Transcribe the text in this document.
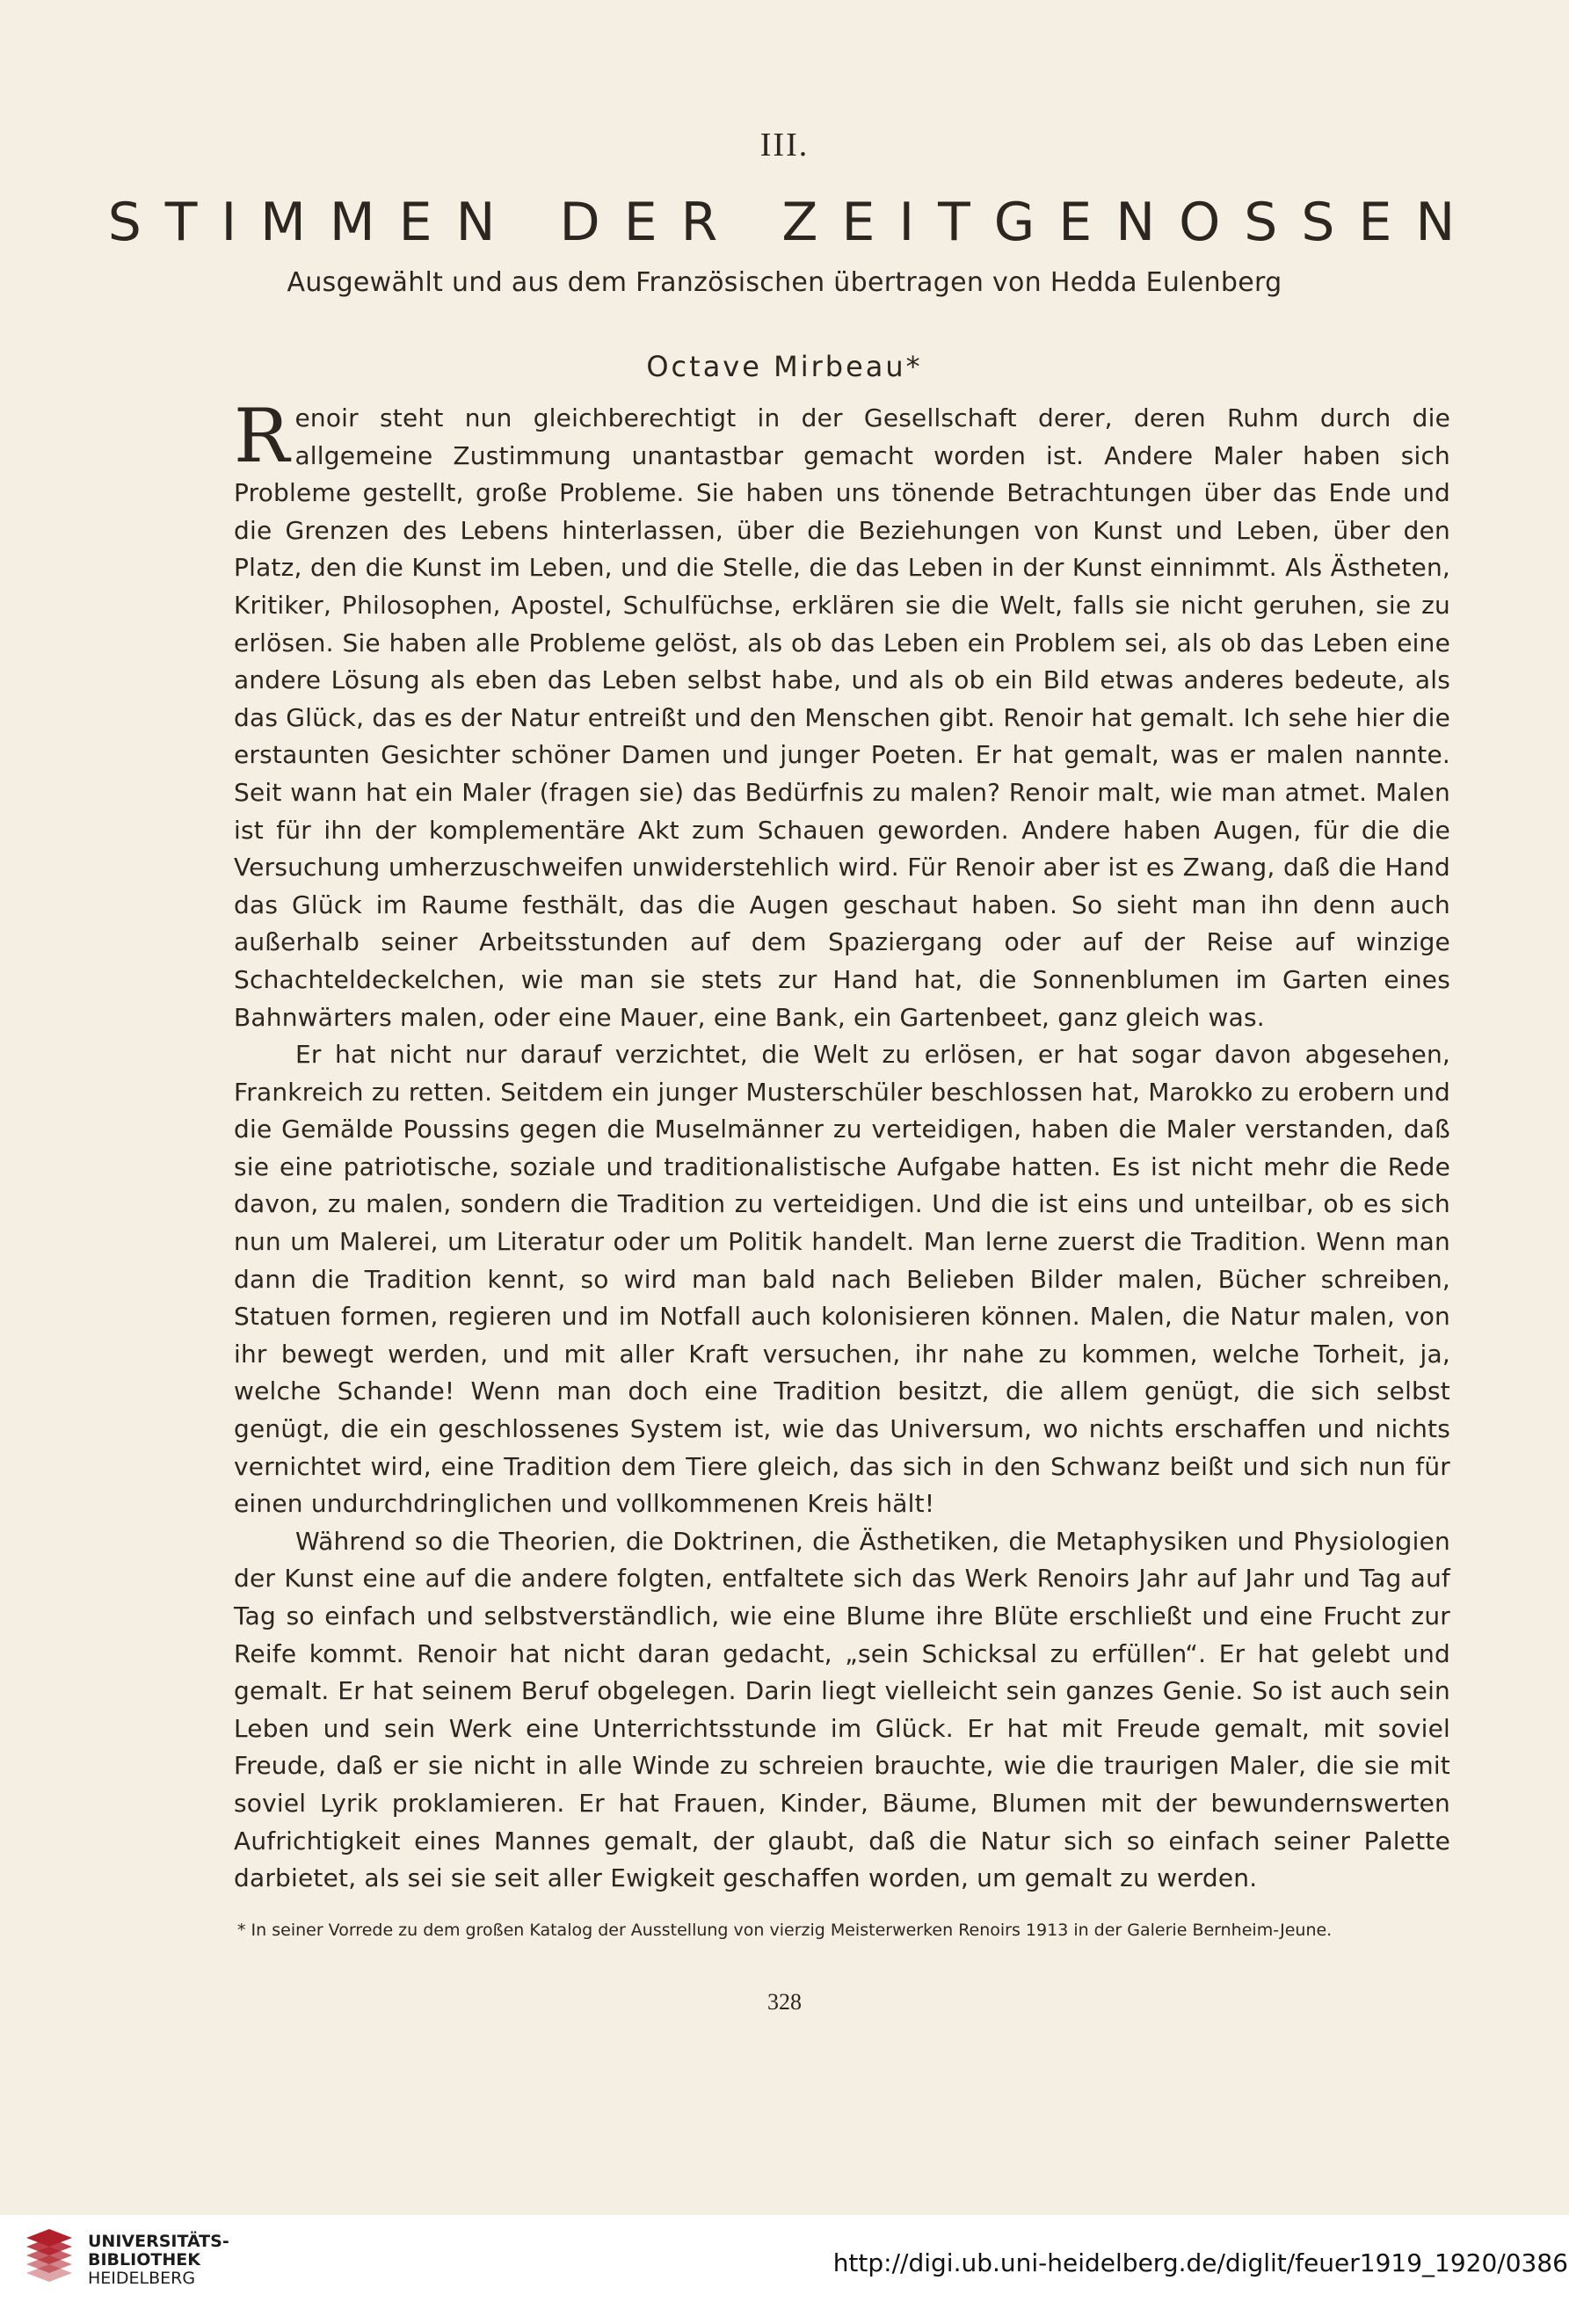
III.
STIMMEN DER ZEITGENOSSEN
Ausgewählt und aus dem Französischen übertragen von Hedda Eulenberg
Octave Mirbeau*

Renoir steht nun gleichberechtigt in der Gesellschaft derer, deren Ruhm durch die allgemeine Zustimmung unantastbar gemacht worden ist. Andere Maler haben sich Probleme gestellt, große Probleme. Sie haben uns tönende Betrachtungen über das Ende und die Grenzen des Lebens hinterlassen, über die Beziehungen von Kunst und Leben, über den Platz, den die Kunst im Leben, und die Stelle, die das Leben in der Kunst einnimmt. Als Ästheten, Kritiker, Philosophen, Apostel, Schulfüchse, erklären sie die Welt, falls sie nicht geruhen, sie zu erlösen. Sie haben alle Probleme gelöst, als ob das Leben ein Problem sei, als ob das Leben eine andere Lösung als eben das Leben selbst habe, und als ob ein Bild etwas anderes bedeute, als das Glück, das es der Natur entreißt und den Menschen gibt. Renoir hat gemalt. Ich sehe hier die erstaunten Gesichter schöner Damen und junger Poeten. Er hat gemalt, was er malen nannte. Seit wann hat ein Maler (fragen sie) das Bedürfnis zu malen? Renoir malt, wie man atmet. Malen ist für ihn der komplementäre Akt zum Schauen geworden. Andere haben Augen, für die die Versuchung umherzuschweifen unwiderstehlich wird. Für Renoir aber ist es Zwang, daß die Hand das Glück im Raume festhält, das die Augen geschaut haben. So sieht man ihn denn auch außerhalb seiner Arbeitsstunden auf dem Spaziergang oder auf der Reise auf winzige Schachteldeckelchen, wie man sie stets zur Hand hat, die Sonnenblumen im Garten eines Bahnwärters malen, oder eine Mauer, eine Bank, ein Gartenbeet, ganz gleich was.

Er hat nicht nur darauf verzichtet, die Welt zu erlösen, er hat sogar davon abgesehen, Frankreich zu retten. Seitdem ein junger Musterschüler beschlossen hat, Marokko zu erobern und die Gemälde Poussins gegen die Muselmänner zu verteidigen, haben die Maler verstanden, daß sie eine patriotische, soziale und traditionalistische Aufgabe hatten. Es ist nicht mehr die Rede davon, zu malen, sondern die Tradition zu verteidigen. Und die ist eins und unteilbar, ob es sich nun um Malerei, um Literatur oder um Politik handelt. Man lerne zuerst die Tradition. Wenn man dann die Tradition kennt, so wird man bald nach Belieben Bilder malen, Bücher schreiben, Statuen formen, regieren und im Notfall auch kolonisieren können. Malen, die Natur malen, von ihr bewegt werden, und mit aller Kraft versuchen, ihr nahe zu kommen, welche Torheit, ja, welche Schande! Wenn man doch eine Tradition besitzt, die allem genügt, die sich selbst genügt, die ein geschlossenes System ist, wie das Universum, wo nichts erschaffen und nichts vernichtet wird, eine Tradition dem Tiere gleich, das sich in den Schwanz beißt und sich nun für einen undurchdringlichen und vollkommenen Kreis hält!

Während so die Theorien, die Doktrinen, die Ästhetiken, die Metaphysiken und Physiologien der Kunst eine auf die andere folgten, entfaltete sich das Werk Renoirs Jahr auf Jahr und Tag auf Tag so einfach und selbstverständlich, wie eine Blume ihre Blüte erschließt und eine Frucht zur Reife kommt. Renoir hat nicht daran gedacht, „sein Schicksal zu erfüllen“. Er hat gelebt und gemalt. Er hat seinem Beruf obgelegen. Darin liegt vielleicht sein ganzes Genie. So ist auch sein Leben und sein Werk eine Unterrichtsstunde im Glück. Er hat mit Freude gemalt, mit soviel Freude, daß er sie nicht in alle Winde zu schreien brauchte, wie die traurigen Maler, die sie mit soviel Lyrik proklamieren. Er hat Frauen, Kinder, Bäume, Blumen mit der bewundernswerten Aufrichtigkeit eines Mannes gemalt, der glaubt, daß die Natur sich so einfach seiner Palette darbietet, als sei sie seit aller Ewigkeit geschaffen worden, um gemalt zu werden.

* In seiner Vorrede zu dem großen Katalog der Ausstellung von vierzig Meisterwerken Renoirs 1913 in der Galerie Bernheim-Jeune.
328
UNIVERSITÄTS-
BIBLIOTHEK
HEIDELBERG
http://digi.ub.uni-heidelberg.de/diglit/feuer1919_1920/0386
